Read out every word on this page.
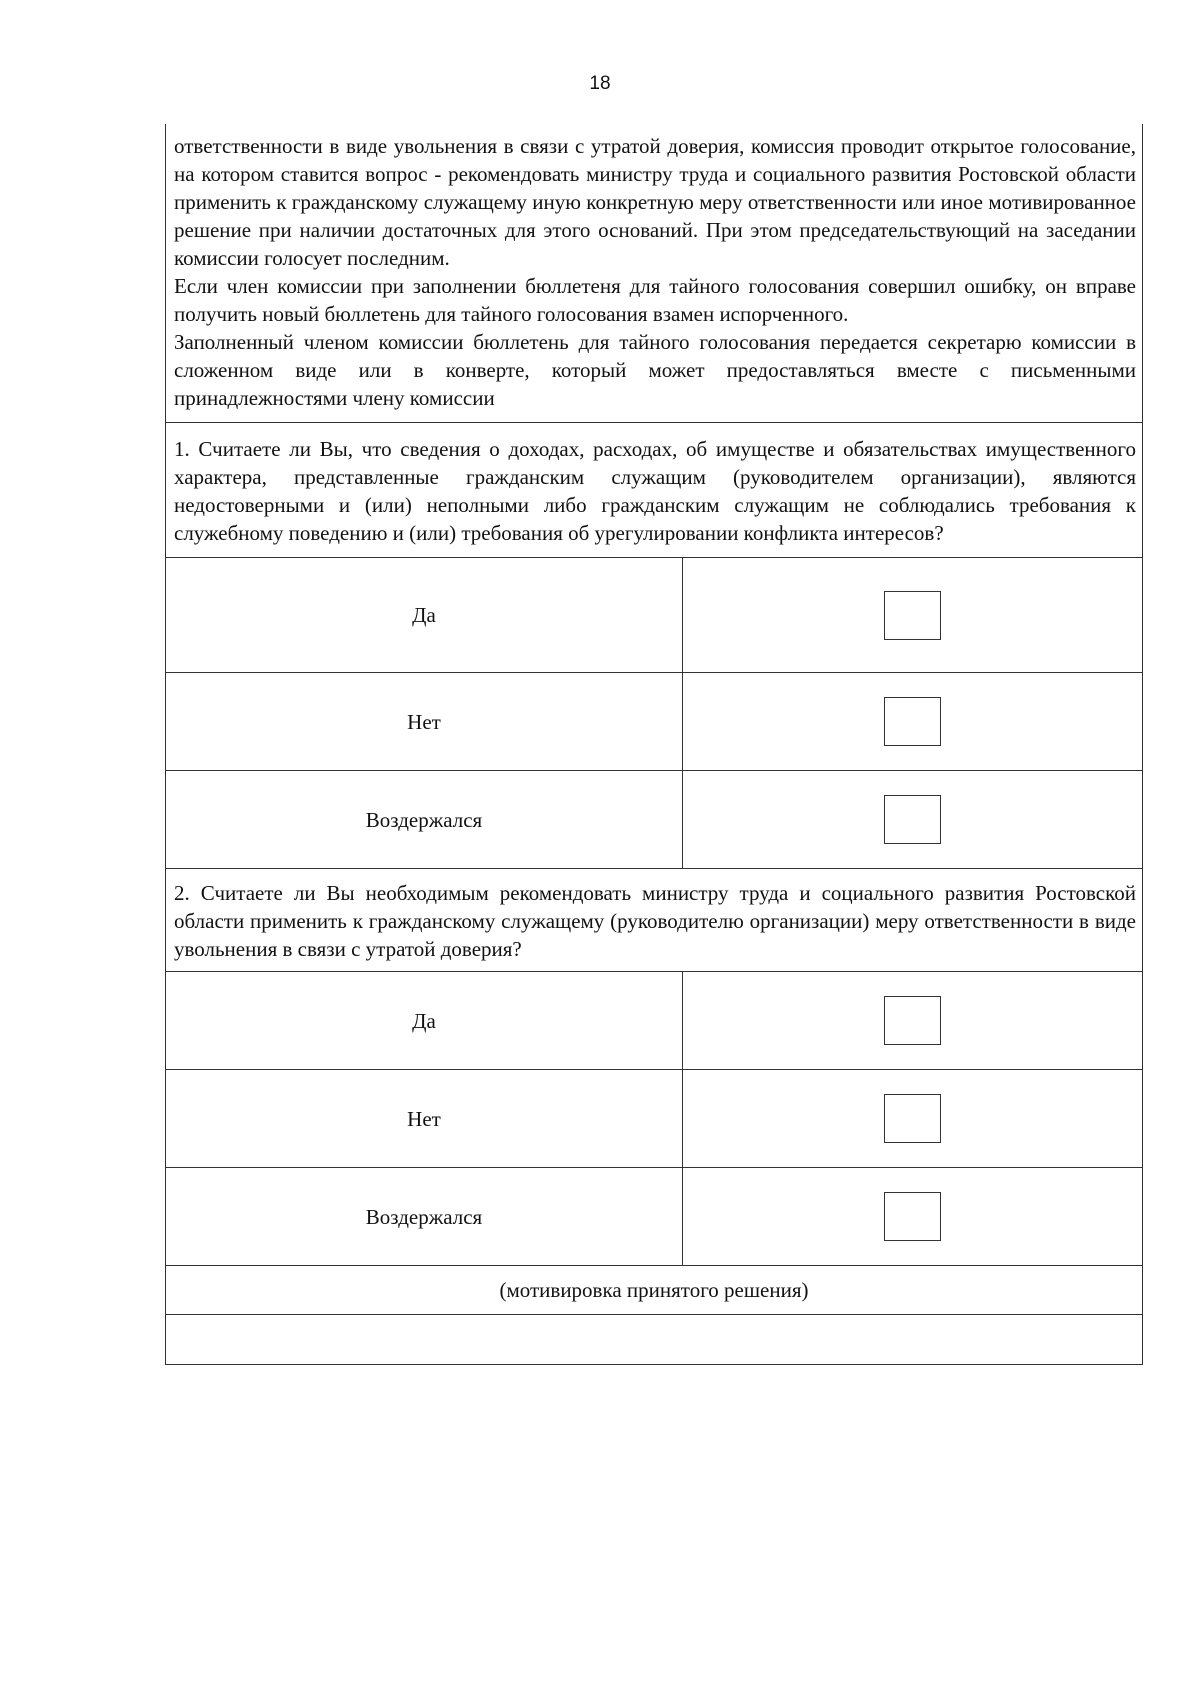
18

ответственности в виде увольнения в связи с утратой доверия, комиссия проводит открытое голосование, на котором ставится вопрос - рекомендовать министру труда и социального развития Ростовской области применить к гражданскому служащему иную конкретную меру ответственности или иное мотивированное решение при наличии достаточных для этого оснований. При этом председательствующий на заседании комиссии голосует последним.

Если член комиссии при заполнении бюллетеня для тайного голосования совершил ошибку, он вправе получить новый бюллетень для тайного голосования взамен испорченного.

Заполненный членом комиссии бюллетень для тайного голосования передается секретарю комиссии в сложенном виде или в конверте, который может предоставляться вместе с письменными принадлежностями члену комиссии

1. Считаете ли Вы, что сведения о доходах, расходах, об имуществе и обязательствах имущественного характера, представленные гражданским служащим (руководителем организации), являются недостоверными и (или) неполными либо гражданским служащим не соблюдались требования к служебному поведению и (или) требования об урегулировании конфликта интересов?
Да
Нет
Воздержался
2. Считаете ли Вы необходимым рекомендовать министру труда и социального развития Ростовской области применить к гражданскому служащему (руководителю организации) меру ответственности в виде увольнения в связи с утратой доверия?
Да
Нет
Воздержался
(мотивировка принятого решения)
